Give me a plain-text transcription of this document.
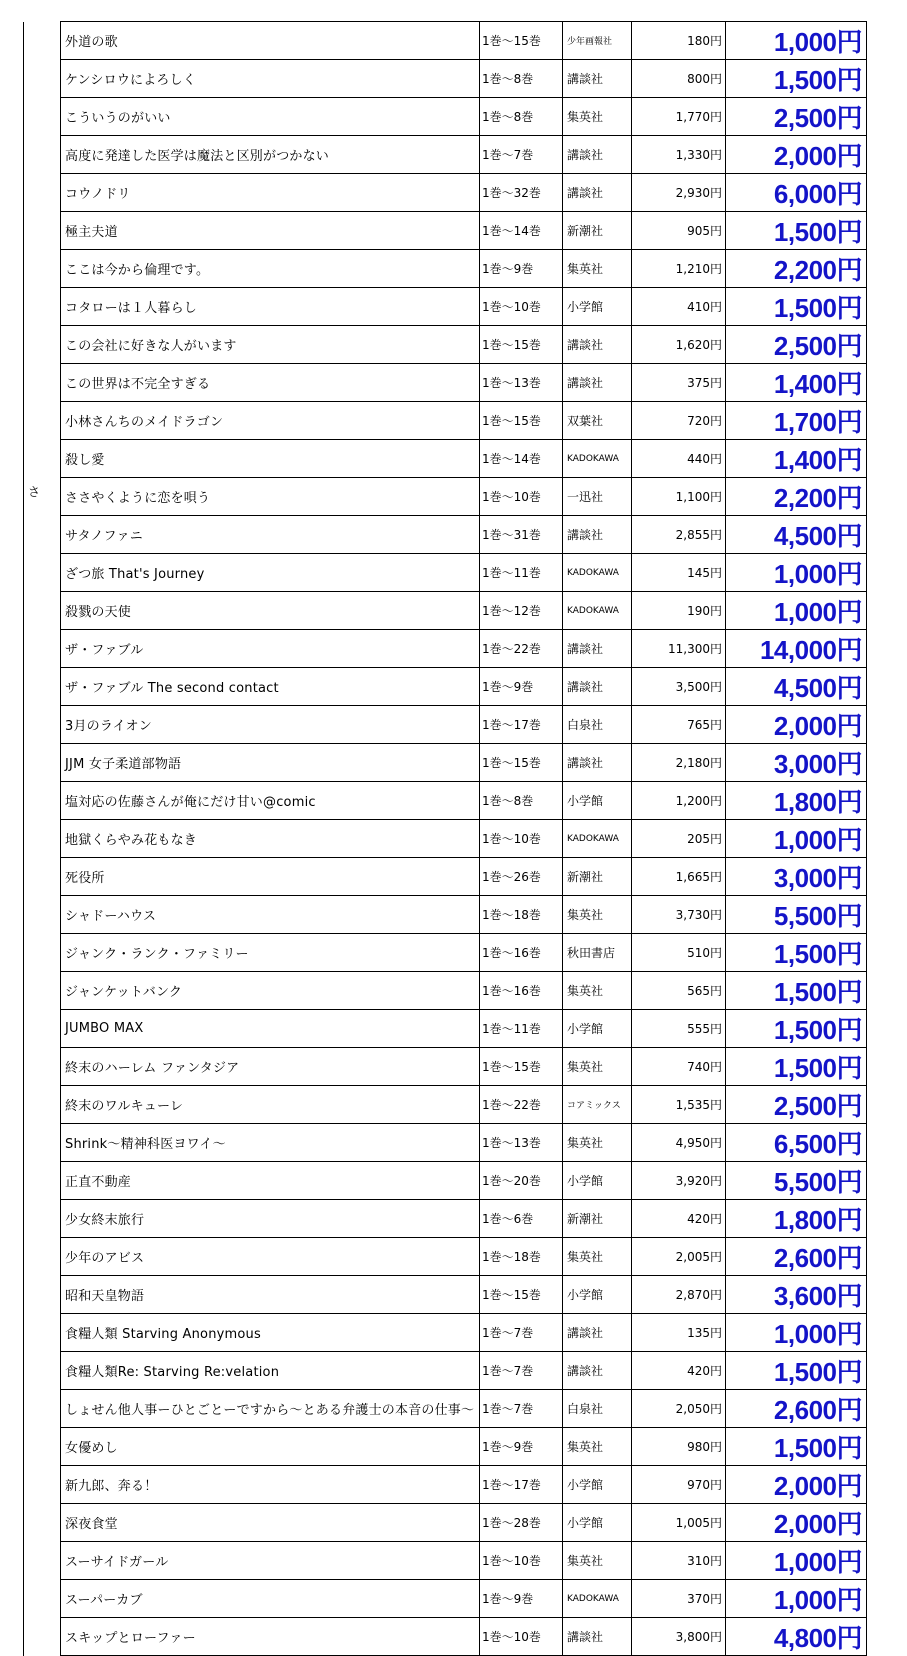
	外道の歌	1巻～15巻	少年画報社	180円	1,000円
	ケンシロウによろしく	1巻～8巻	講談社	800円	1,500円
	こういうのがいい	1巻～8巻	集英社	1,770円	2,500円
	高度に発達した医学は魔法と区別がつかない	1巻～7巻	講談社	1,330円	2,000円
	コウノドリ	1巻～32巻	講談社	2,930円	6,000円
	極主夫道	1巻～14巻	新潮社	905円	1,500円
	ここは今から倫理です。	1巻～9巻	集英社	1,210円	2,200円
	コタローは１人暮らし	1巻～10巻	小学館	410円	1,500円
	この会社に好きな人がいます	1巻～15巻	講談社	1,620円	2,500円
	この世界は不完全すぎる	1巻～13巻	講談社	375円	1,400円
	小林さんちのメイドラゴン	1巻～15巻	双葉社	720円	1,700円
	殺し愛	1巻～14巻	KADOKAWA	440円	1,400円
さ	ささやくように恋を唄う	1巻～10巻	一迅社	1,100円	2,200円
	サタノファニ	1巻～31巻	講談社	2,855円	4,500円
	ざつ旅 That's Journey	1巻～11巻	KADOKAWA	145円	1,000円
	殺戮の天使	1巻～12巻	KADOKAWA	190円	1,000円
	ザ・ファブル	1巻～22巻	講談社	11,300円	14,000円
	ザ・ファブル The second contact	1巻～9巻	講談社	3,500円	4,500円
	3月のライオン	1巻～17巻	白泉社	765円	2,000円
	JJM 女子柔道部物語	1巻～15巻	講談社	2,180円	3,000円
	塩対応の佐藤さんが俺にだけ甘い@comic	1巻～8巻	小学館	1,200円	1,800円
	地獄くらやみ花もなき	1巻～10巻	KADOKAWA	205円	1,000円
	死役所	1巻～26巻	新潮社	1,665円	3,000円
	シャドーハウス	1巻～18巻	集英社	3,730円	5,500円
	ジャンク・ランク・ファミリー	1巻～16巻	秋田書店	510円	1,500円
	ジャンケットバンク	1巻～16巻	集英社	565円	1,500円
	JUMBO MAX	1巻～11巻	小学館	555円	1,500円
	終末のハーレム ファンタジア	1巻～15巻	集英社	740円	1,500円
	終末のワルキューレ	1巻～22巻	コアミックス	1,535円	2,500円
	Shrink～精神科医ヨワイ～	1巻～13巻	集英社	4,950円	6,500円
	正直不動産	1巻～20巻	小学館	3,920円	5,500円
	少女終末旅行	1巻～6巻	新潮社	420円	1,800円
	少年のアビス	1巻～18巻	集英社	2,005円	2,600円
	昭和天皇物語	1巻～15巻	小学館	2,870円	3,600円
	食糧人類 Starving Anonymous	1巻～7巻	講談社	135円	1,000円
	食糧人類Re: Starving Re:velation	1巻～7巻	講談社	420円	1,500円
	しょせん他人事ーひとごとーですから～とある弁護士の本音の仕事～	1巻～7巻	白泉社	2,050円	2,600円
	女優めし	1巻～9巻	集英社	980円	1,500円
	新九郎、奔る！	1巻～17巻	小学館	970円	2,000円
	深夜食堂	1巻～28巻	小学館	1,005円	2,000円
	スーサイドガール	1巻～10巻	集英社	310円	1,000円
	スーパーカブ	1巻～9巻	KADOKAWA	370円	1,000円
	スキップとローファー	1巻～10巻	講談社	3,800円	4,800円
